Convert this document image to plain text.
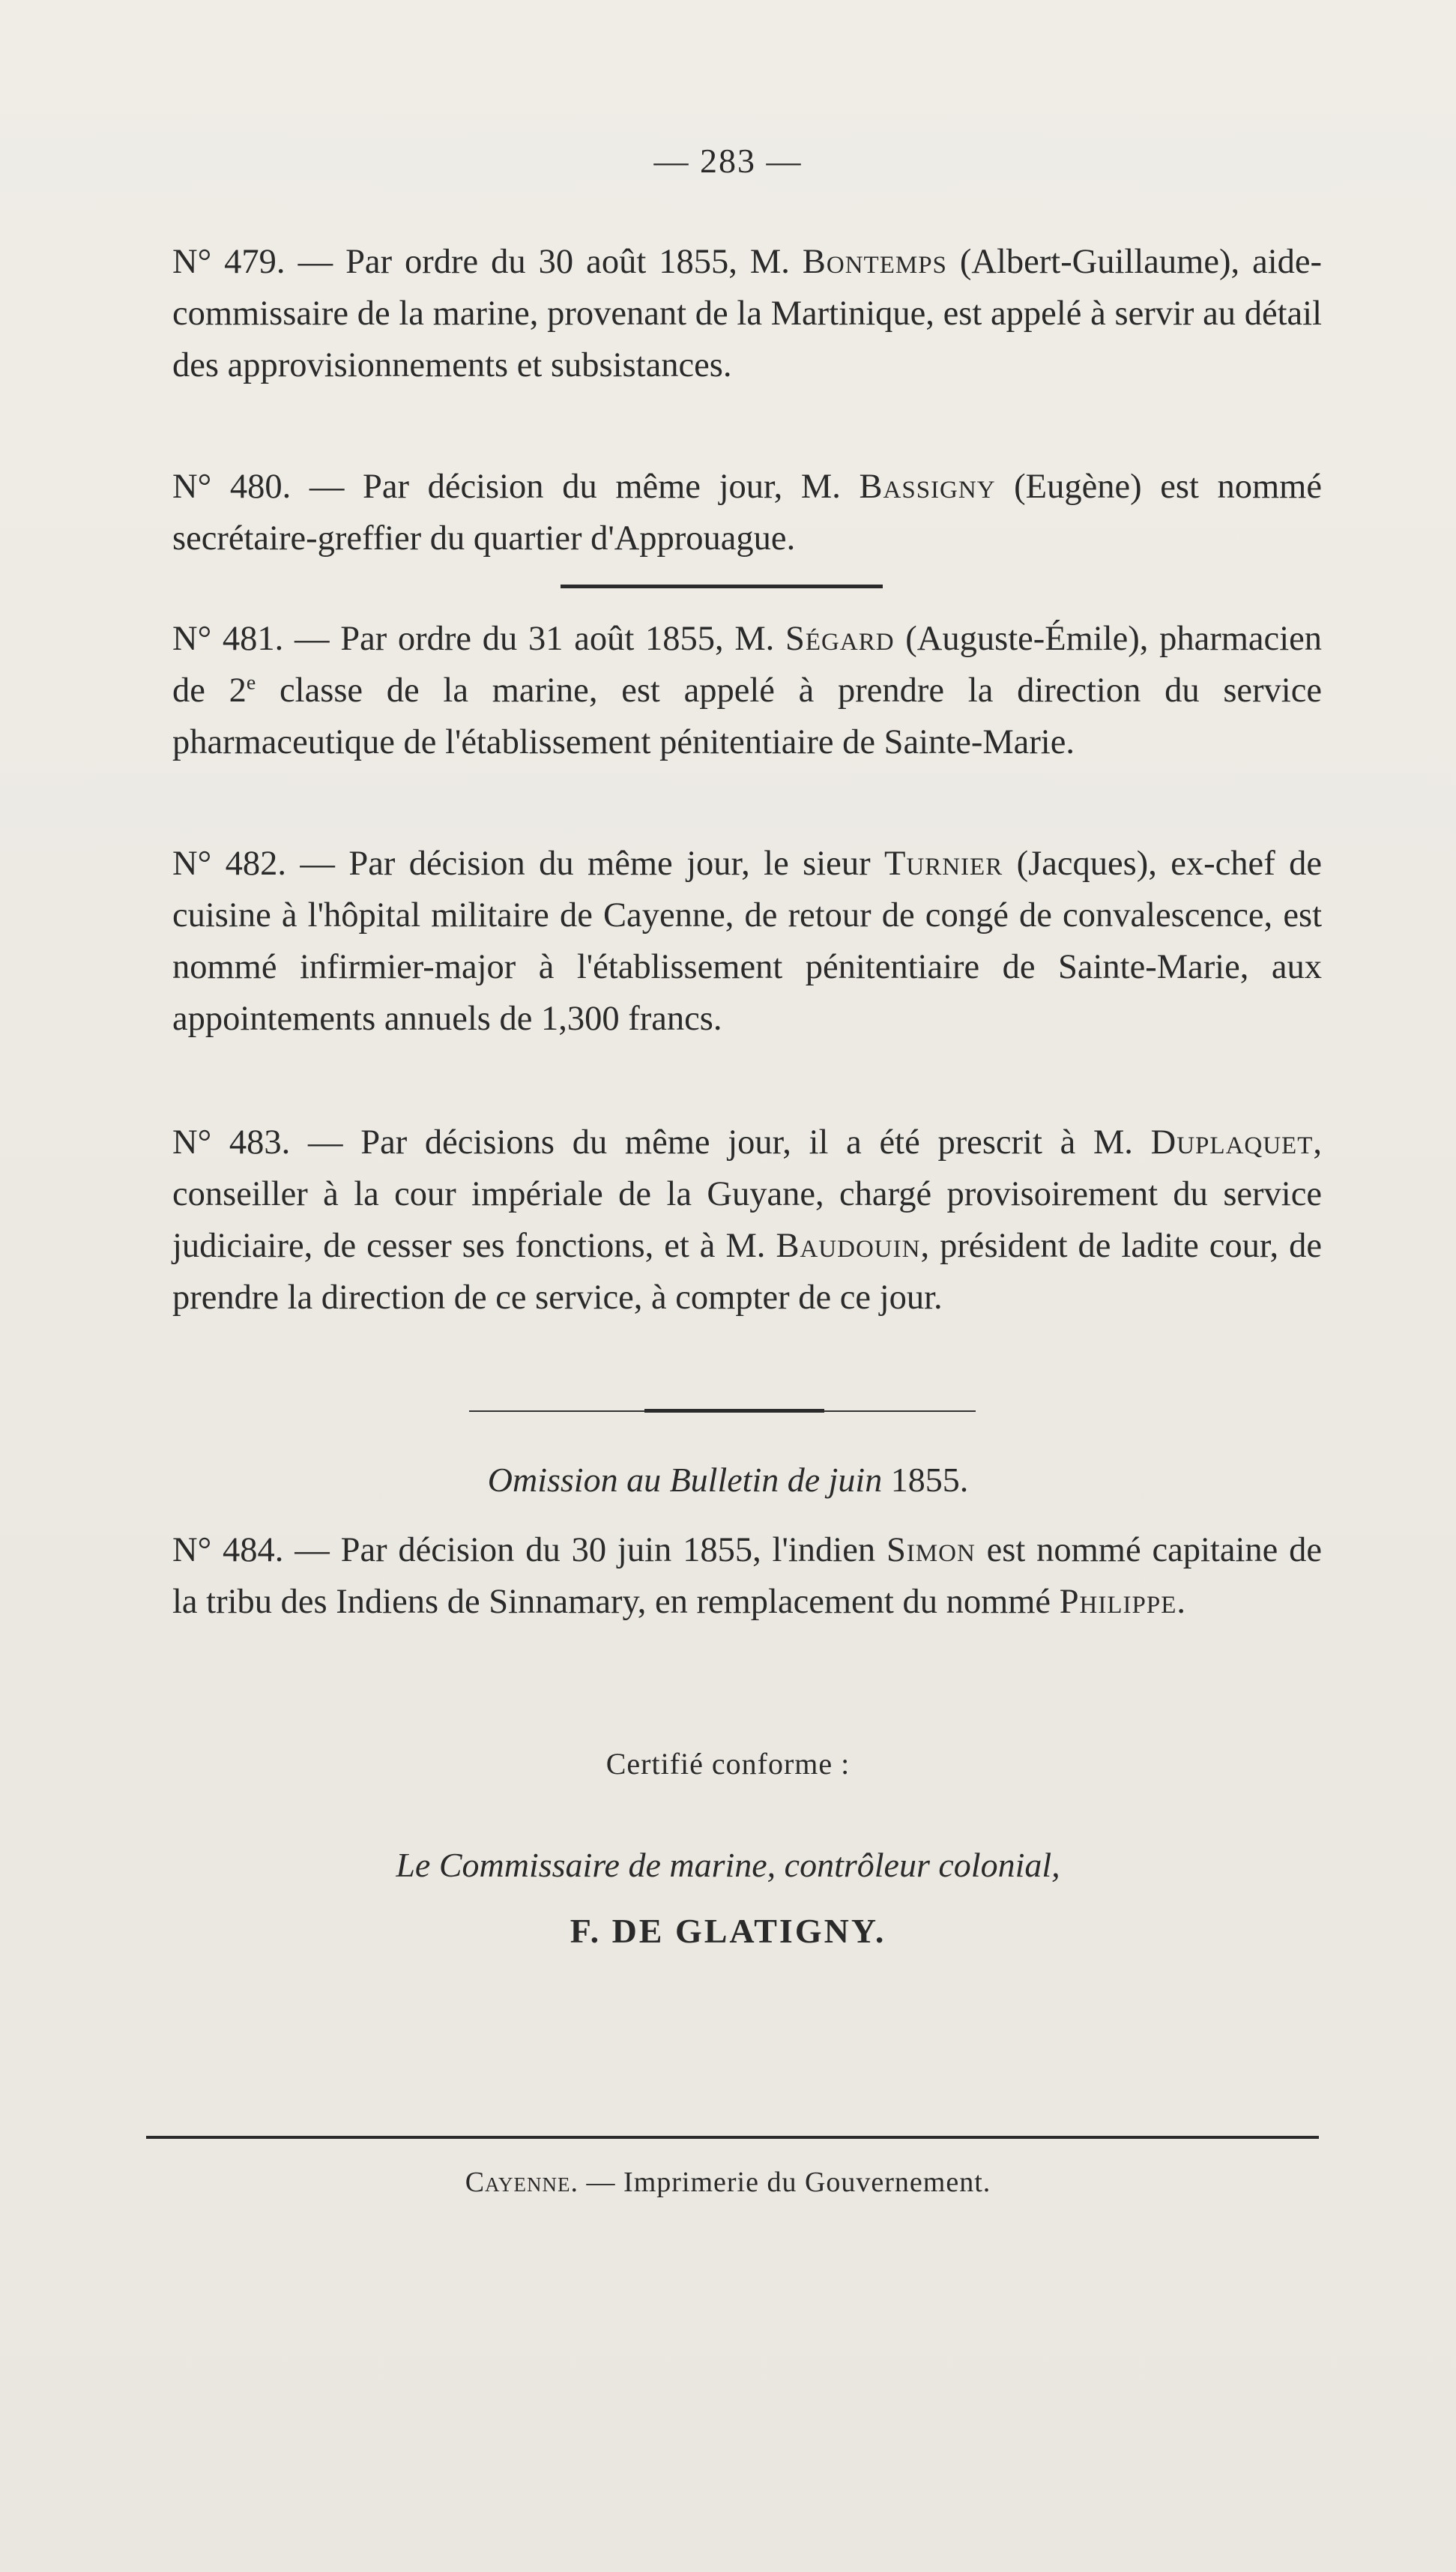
— 283 —
N° 479. — Par ordre du 30 août 1855, M. Bontemps (Albert-Guillaume), aide-commissaire de la marine, provenant de la Martinique, est appelé à servir au détail des approvisionnements et subsistances.
N° 480. — Par décision du même jour, M. Bassigny (Eugène) est nommé secrétaire-greffier du quartier d'Approuague.
N° 481. — Par ordre du 31 août 1855, M. Ségard (Auguste-Émile), pharmacien de 2e classe de la marine, est appelé à prendre la direction du service pharmaceutique de l'établissement pénitentiaire de Sainte-Marie.
N° 482. — Par décision du même jour, le sieur Turnier (Jacques), ex-chef de cuisine à l'hôpital militaire de Cayenne, de retour de congé de convalescence, est nommé infirmier-major à l'établissement pénitentiaire de Sainte-Marie, aux appointements annuels de 1,300 francs.
N° 483. — Par décisions du même jour, il a été prescrit à M. Duplaquet, conseiller à la cour impériale de la Guyane, chargé provisoirement du service judiciaire, de cesser ses fonctions, et à M. Baudouin, président de ladite cour, de prendre la direction de ce service, à compter de ce jour.
Omission au Bulletin de juin 1855.
N° 484. — Par décision du 30 juin 1855, l'indien Simon est nommé capitaine de la tribu des Indiens de Sinnamary, en remplacement du nommé Philippe.
Certifié conforme :
Le Commissaire de marine, contrôleur colonial,
F. DE GLATIGNY.
Cayenne. — Imprimerie du Gouvernement.
